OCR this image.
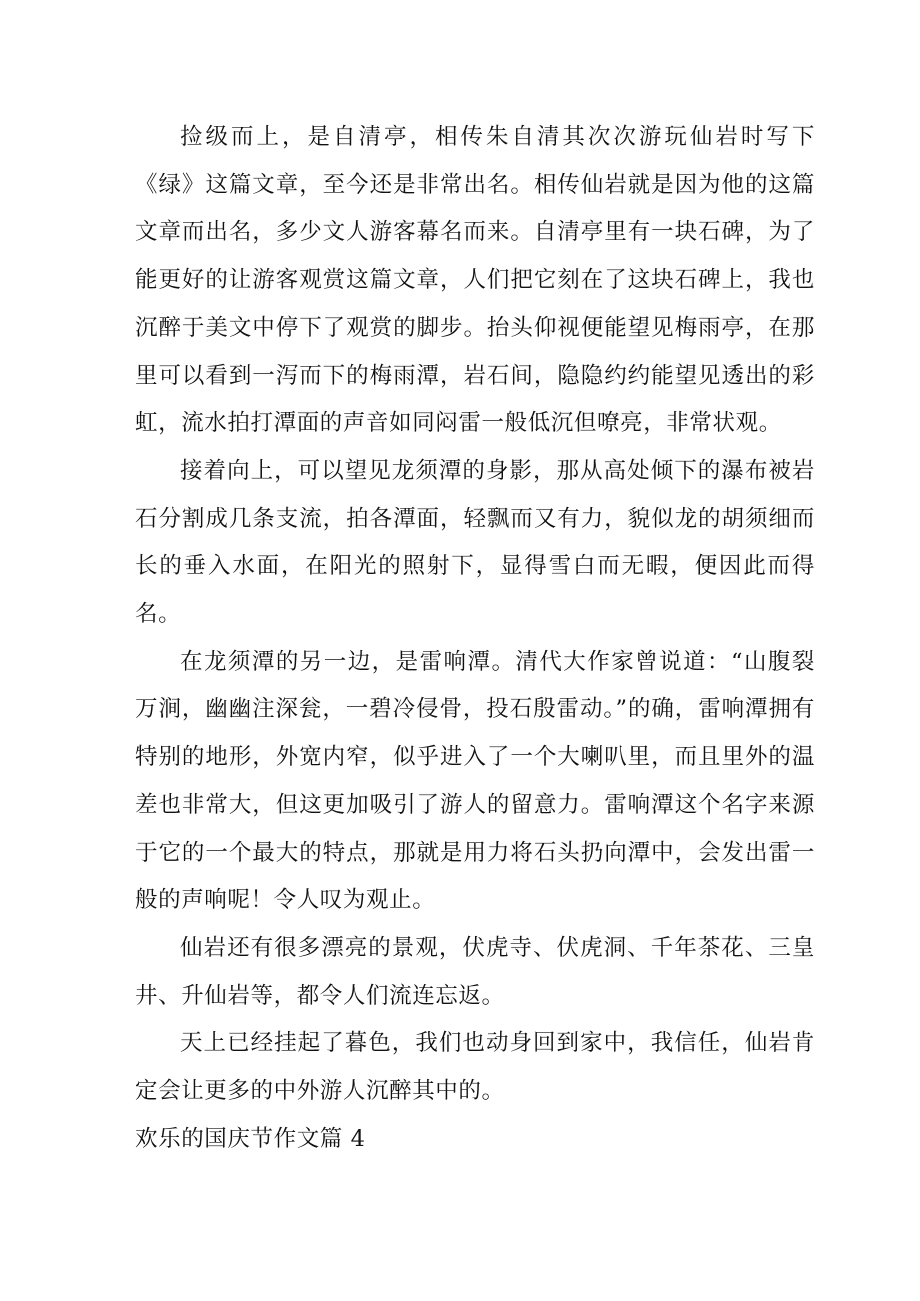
捡级而上，是自清亭，相传朱自清其次次游玩仙岩时写下《绿》这篇文章，至今还是非常出名。相传仙岩就是因为他的这篇文章而出名，多少文人游客幕名而来。自清亭里有一块石碑，为了能更好的让游客观赏这篇文章，人们把它刻在了这块石碑上，我也沉醉于美文中停下了观赏的脚步。抬头仰视便能望见梅雨亭，在那里可以看到一泻而下的梅雨潭，岩石间，隐隐约约能望见透出的彩虹，流水拍打潭面的声音如同闷雷一般低沉但嘹亮，非常状观。

接着向上，可以望见龙须潭的身影，那从高处倾下的瀑布被岩石分割成几条支流，拍各潭面，轻飘而又有力，貌似龙的胡须细而长的垂入水面，在阳光的照射下，显得雪白而无暇，便因此而得名。

在龙须潭的另一边，是雷响潭。清代大作家曾说道：“山腹裂万涧，幽幽注深瓮，一碧冷侵骨，投石殷雷动。”的确，雷响潭拥有特别的地形，外宽内窄，似乎进入了一个大喇叭里，而且里外的温差也非常大，但这更加吸引了游人的留意力。雷响潭这个名字来源于它的一个最大的特点，那就是用力将石头扔向潭中，会发出雷一般的声响呢！令人叹为观止。

仙岩还有很多漂亮的景观，伏虎寺、伏虎洞、千年茶花、三皇井、升仙岩等，都令人们流连忘返。

天上已经挂起了暮色，我们也动身回到家中，我信任，仙岩肯定会让更多的中外游人沉醉其中的。

欢乐的国庆节作文篇 4
